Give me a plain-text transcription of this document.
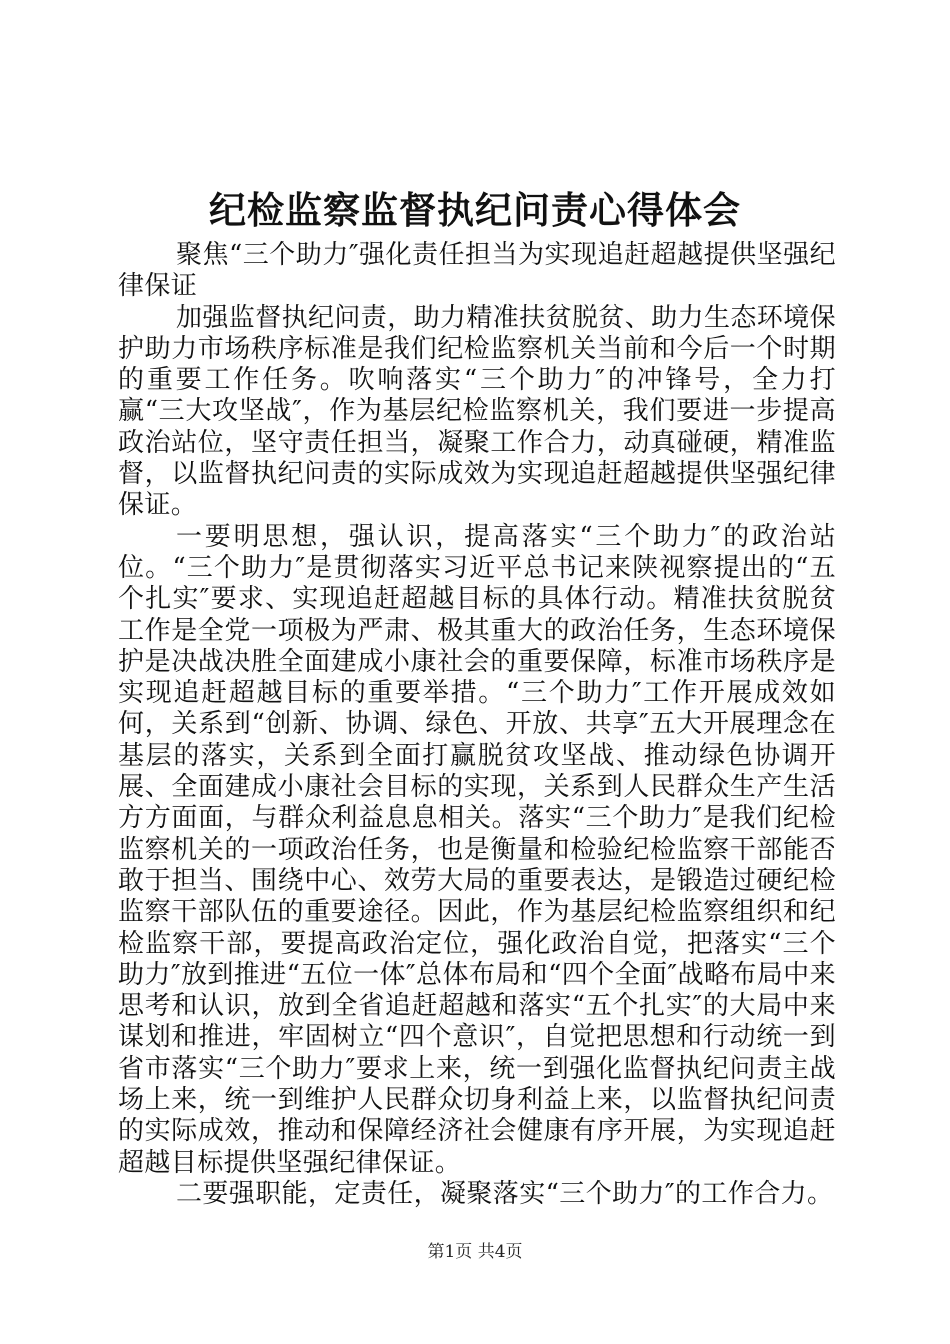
纪检监察监督执纪问责心得体会

聚焦“三个助力″强化责任担当为实现追赶超越提供坚强纪律保证

加强监督执纪问责，助力精准扶贫脱贫、助力生态环境保护助力市场秩序标准是我们纪检监察机关当前和今后一个时期的重要工作任务。吹响落实“三个助力″的冲锋号，全力打赢“三大攻坚战″，作为基层纪检监察机关，我们要进一步提高政治站位，坚守责任担当，凝聚工作合力，动真碰硬，精准监督，以监督执纪问责的实际成效为实现追赶超越提供坚强纪律保证。

一要明思想，强认识，提高落实“三个助力″的政治站位。“三个助力″是贯彻落实习近平总书记来陕视察提出的“五个扎实″要求、实现追赶超越目标的具体行动。精准扶贫脱贫工作是全党一项极为严肃、极其重大的政治任务，生态环境保护是决战决胜全面建成小康社会的重要保障，标准市场秩序是实现追赶超越目标的重要举措。“三个助力″工作开展成效如何，关系到“创新、协调、绿色、开放、共享″五大开展理念在基层的落实，关系到全面打赢脱贫攻坚战、推动绿色协调开展、全面建成小康社会目标的实现，关系到人民群众生产生活方方面面，与群众利益息息相关。落实“三个助力″是我们纪检监察机关的一项政治任务，也是衡量和检验纪检监察干部能否敢于担当、围绕中心、效劳大局的重要表达，是锻造过硬纪检监察干部队伍的重要途径。因此，作为基层纪检监察组织和纪检监察干部，要提高政治定位，强化政治自觉，把落实“三个助力″放到推进“五位一体″总体布局和“四个全面″战略布局中来思考和认识，放到全省追赶超越和落实“五个扎实″的大局中来谋划和推进，牢固树立“四个意识″，自觉把思想和行动统一到省市落实“三个助力″要求上来，统一到强化监督执纪问责主战场上来，统一到维护人民群众切身利益上来，以监督执纪问责的实际成效，推动和保障经济社会健康有序开展，为实现追赶超越目标提供坚强纪律保证。

二要强职能，定责任，凝聚落实“三个助力″的工作合力。

第1页 共4页
